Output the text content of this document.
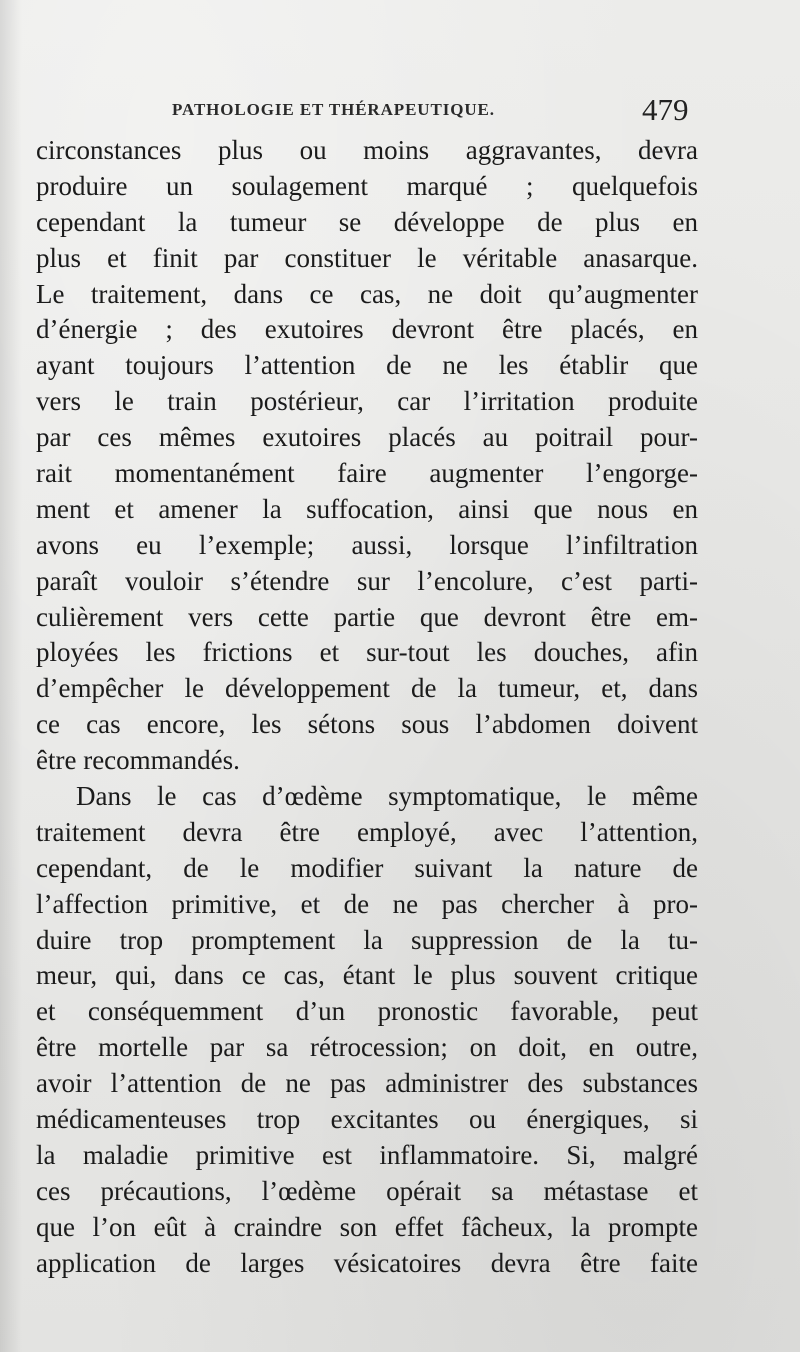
PATHOLOGIE ET THÉRAPEUTIQUE.	479
circonstances plus ou moins aggravantes, devra
produire un soulagement marqué ; quelquefois
cependant la tumeur se développe de plus en
plus et finit par constituer le véritable anasarque.
Le traitement, dans ce cas, ne doit qu’augmenter
d’énergie ; des exutoires devront être placés, en
ayant toujours l’attention de ne les établir que
vers le train postérieur, car l’irritation produite
par ces mêmes exutoires placés au poitrail pour-
rait momentanément faire augmenter l’engorge-
ment et amener la suffocation, ainsi que nous en
avons eu l’exemple; aussi, lorsque l’infiltration
paraît vouloir s’étendre sur l’encolure, c’est parti-
culièrement vers cette partie que devront être em-
ployées les frictions et sur-tout les douches, afin
d’empêcher le développement de la tumeur, et, dans
ce cas encore, les sétons sous l’abdomen doivent
être recommandés.
Dans le cas d’œdème symptomatique, le même
traitement devra être employé, avec l’attention,
cependant, de le modifier suivant la nature de
l’affection primitive, et de ne pas chercher à pro-
duire trop promptement la suppression de la tu-
meur, qui, dans ce cas, étant le plus souvent critique
et conséquemment d’un pronostic favorable, peut
être mortelle par sa rétrocession; on doit, en outre,
avoir l’attention de ne pas administrer des substances
médicamenteuses trop excitantes ou énergiques, si
la maladie primitive est inflammatoire. Si, malgré
ces précautions, l’œdème opérait sa métastase et
que l’on eût à craindre son effet fâcheux, la prompte
application de larges vésicatoires devra être faite
